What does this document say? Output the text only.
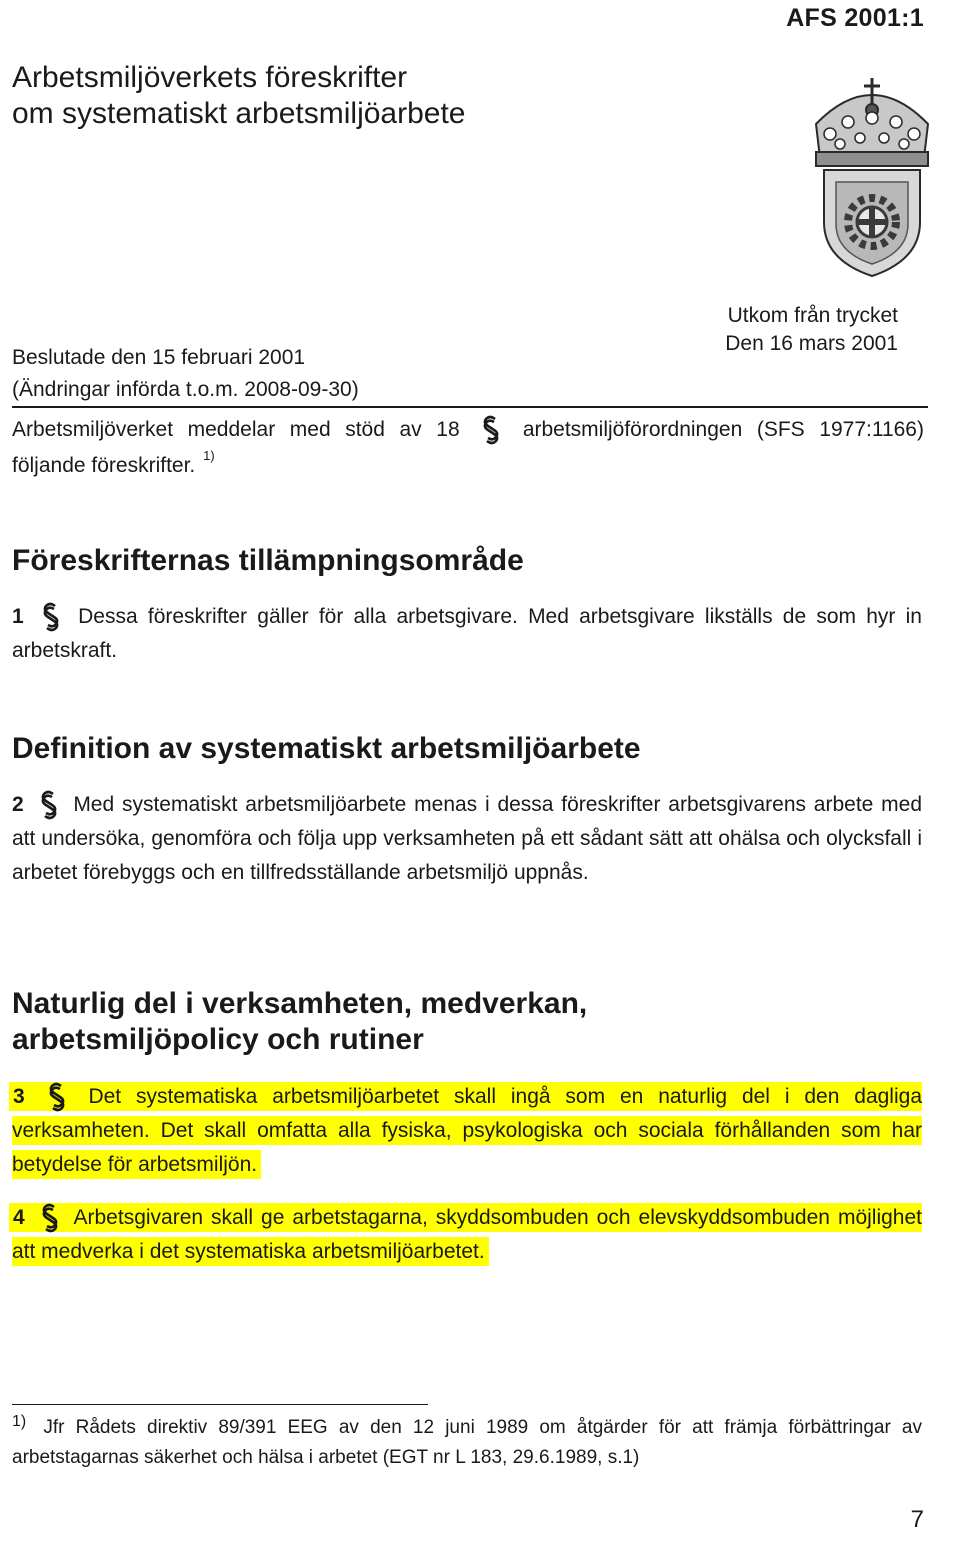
AFS 2001:1
Arbetsmiljöverkets föreskrifter
om systematiskt arbetsmiljöarbete
Utkom från trycket
Den 16 mars 2001
Beslutade den 15 februari 2001
(Ändringar införda t.o.m. 2008-09-30)
Arbetsmiljöverket meddelar med stöd av 18	arbetsmiljöförordningen (SFS 1977:1166) följande föreskrifter. $^{1)}$
Föreskrifternas tillämpningsområde
1	Dessa föreskrifter gäller för alla arbetsgivare. Med arbetsgivare likställs de som hyr in arbetskraft.
Definition av systematiskt arbetsmiljöarbete
2 Med systematiskt arbetsmiljöarbete menas i dessa föreskrifter arbetsgivarens arbete med att undersöka, genomföra och följa upp verksamheten på ett sådant sätt att ohälsa och olycksfall i arbetet förebyggs och en tillfredsställande arbetsmiljö uppnås.
Naturlig del i verksamheten, medverkan, arbetsmiljöpolicy och rutiner
3	Det systematiska arbetsmiljöarbetet skall ingå som en naturlig del i den dagliga verksamheten. Det skall omfatta alla fysiska, psykologiska och sociala förhållanden som har betydelse för arbetsmiljön.
4 Arbetsgivaren skall ge arbetstagarna, skyddsombuden och elevskyddsombuden möjlighet att medverka i det systematiska arbetsmiljöarbetet.
$^{1)}$ Jfr Rådets direktiv 89/391 EEG av den 12 juni 1989 om åtgärder för att främja förbättringar av arbetstagarnas säkerhet och hälsa i arbetet (EGT nr L 183, 29.6.1989, s.1)
7
